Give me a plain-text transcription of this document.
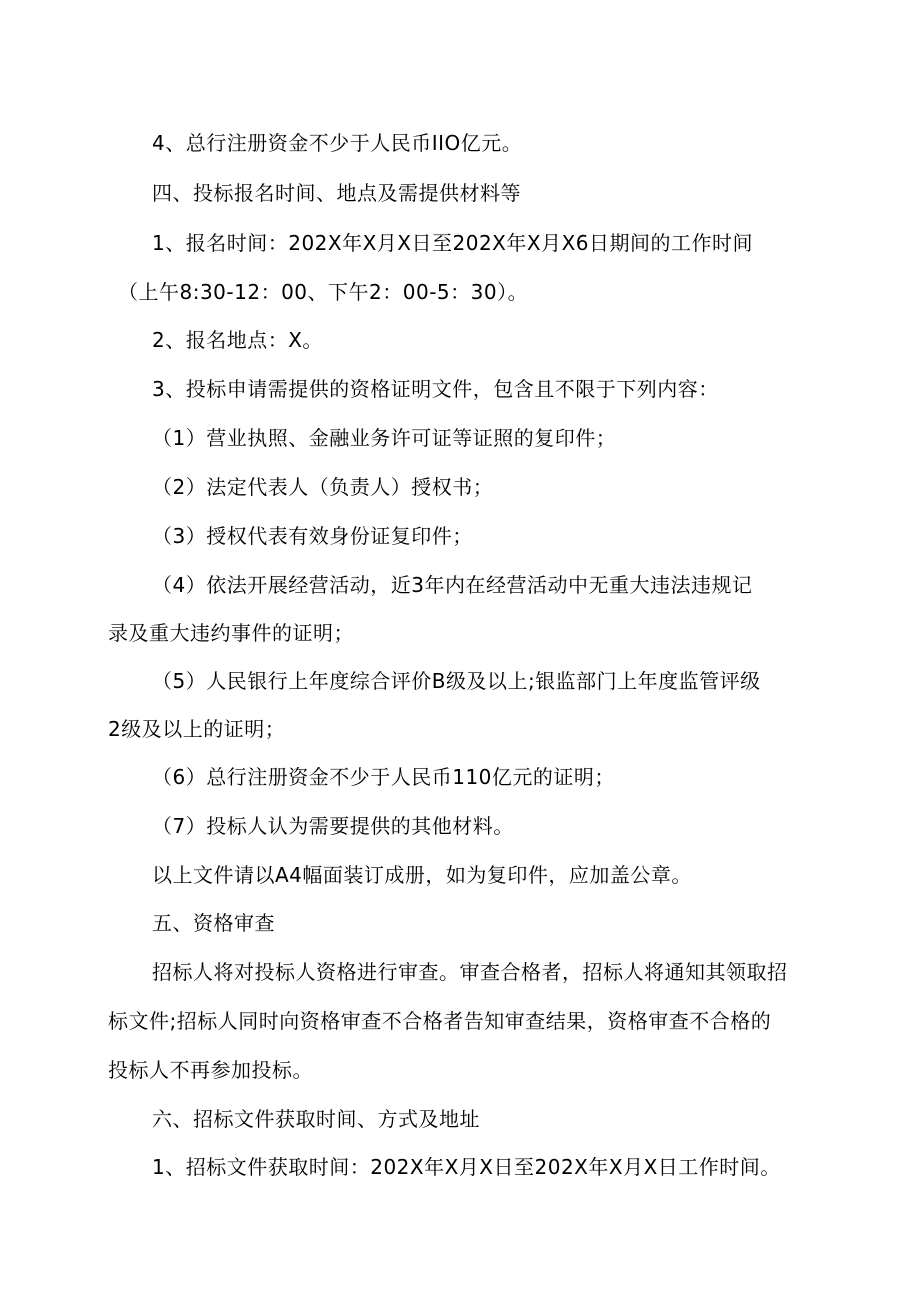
4、总行注册资金不少于人民币IIO亿元。
四、投标报名时间、地点及需提供材料等
1、报名时间：202X年X月X日至202X年X月X6日期间的工作时间
（上午8:30-12：00、下午2：00-5：30）。
2、报名地点：X。
3、投标申请需提供的资格证明文件，包含且不限于下列内容：
（1）营业执照、金融业务许可证等证照的复印件；
（2）法定代表人（负责人）授权书；
（3）授权代表有效身份证复印件；
（4）依法开展经营活动，近3年内在经营活动中无重大违法违规记
录及重大违约事件的证明；
（5）人民银行上年度综合评价B级及以上;银监部门上年度监管评级
2级及以上的证明；
（6）总行注册资金不少于人民币110亿元的证明；
（7）投标人认为需要提供的其他材料。
以上文件请以A4幅面装订成册，如为复印件，应加盖公章。
五、资格审查
招标人将对投标人资格进行审查。审查合格者，招标人将通知其领取招
标文件;招标人同时向资格审查不合格者告知审查结果，资格审查不合格的
投标人不再参加投标。
六、招标文件获取时间、方式及地址
1、招标文件获取时间：202X年X月X日至202X年X月X日工作时间。
